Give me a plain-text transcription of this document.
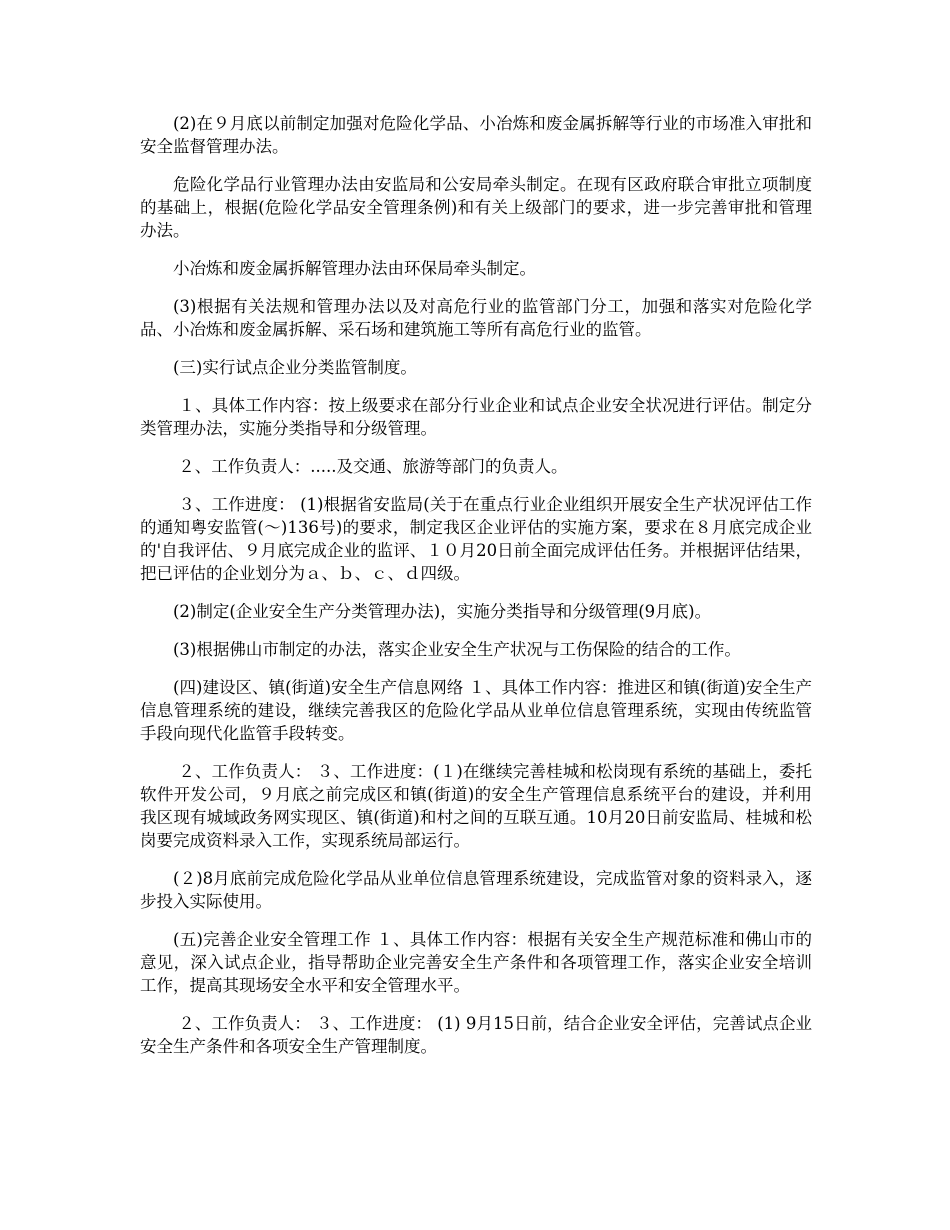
(2)在９月底以前制定加强对危险化学品、小冶炼和废金属拆解等行业的市场准入审批和安全监督管理办法。

危险化学品行业管理办法由安监局和公安局牵头制定。在现有区政府联合审批立项制度的基础上，根据(危险化学品安全管理条例)和有关上级部门的要求，进一步完善审批和管理办法。

小冶炼和废金属拆解管理办法由环保局牵头制定。

(3)根据有关法规和管理办法以及对高危行业的监管部门分工，加强和落实对危险化学品、小冶炼和废金属拆解、采石场和建筑施工等所有高危行业的监管。

(三)实行试点企业分类监管制度。

１、具体工作内容：按上级要求在部分行业企业和试点企业安全状况进行评估。制定分类管理办法，实施分类指导和分级管理。

２、工作负责人：.....及交通、旅游等部门的负责人。

３、工作进度： (1)根据省安监局(关于在重点行业企业组织开展安全生产状况评估工作的通知粤安监管(～)136号)的要求，制定我区企业评估的实施方案，要求在８月底完成企业的'自我评估、９月底完成企业的监评、１０月20日前全面完成评估任务。并根据评估结果，把已评估的企业划分为ａ、ｂ、ｃ、ｄ四级。

(2)制定(企业安全生产分类管理办法)，实施分类指导和分级管理(9月底)。

(3)根据佛山市制定的办法，落实企业安全生产状况与工伤保险的结合的工作。

(四)建设区、镇(街道)安全生产信息网络 １、具体工作内容：推进区和镇(街道)安全生产信息管理系统的建设，继续完善我区的危险化学品从业单位信息管理系统，实现由传统监管手段向现代化监管手段转变。

２、工作负责人： ３、工作进度：(１)在继续完善桂城和松岗现有系统的基础上，委托软件开发公司，９月底之前完成区和镇(街道)的安全生产管理信息系统平台的建设，并利用我区现有城域政务网实现区、镇(街道)和村之间的互联互通。10月20日前安监局、桂城和松岗要完成资料录入工作，实现系统局部运行。

(２)8月底前完成危险化学品从业单位信息管理系统建设，完成监管对象的资料录入，逐步投入实际使用。

(五)完善企业安全管理工作 １、具体工作内容：根据有关安全生产规范标准和佛山市的意见，深入试点企业，指导帮助企业完善安全生产条件和各项管理工作，落实企业安全培训工作，提高其现场安全水平和安全管理水平。

２、工作负责人： ３、工作进度： (1) 9月15日前，结合企业安全评估，完善试点企业安全生产条件和各项安全生产管理制度。
